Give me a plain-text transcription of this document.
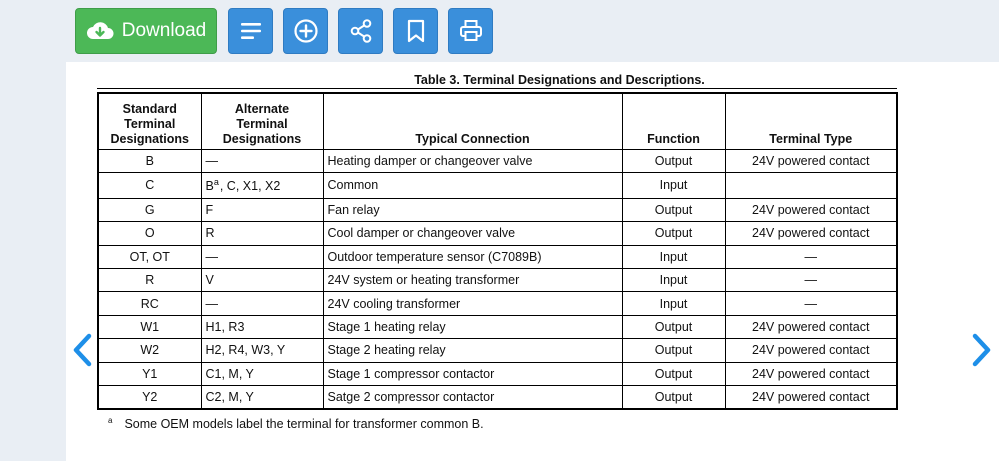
Download
Table 3. Terminal Designations and Descriptions.
Standard
Terminal
Designations	Alternate
Terminal
Designations	Typical Connection	Function	Terminal Type
B	—	Heating damper or changeover valve	Output	24V powered contact
C	$B^a$, C, X1, X2	Common	Input	
G	F	Fan relay	Output	24V powered contact
O	R	Cool damper or changeover valve	Output	24V powered contact
OT, OT	—	Outdoor temperature sensor (C7089B)	Input	—
R	V	24V system or heating transformer	Input	—
RC	—	24V cooling transformer	Input	—
W1	H1, R3	Stage 1 heating relay	Output	24V powered contact
W2	H2, R4, W3, Y	Stage 2 heating relay	Output	24V powered contact
Y1	C1, M, Y	Stage 1 compressor contactor	Output	24V powered contact
Y2	C2, M, Y	Satge 2 compressor contactor	Output	24V powered contact
$^a$ Some OEM models label the terminal for transformer common B.
